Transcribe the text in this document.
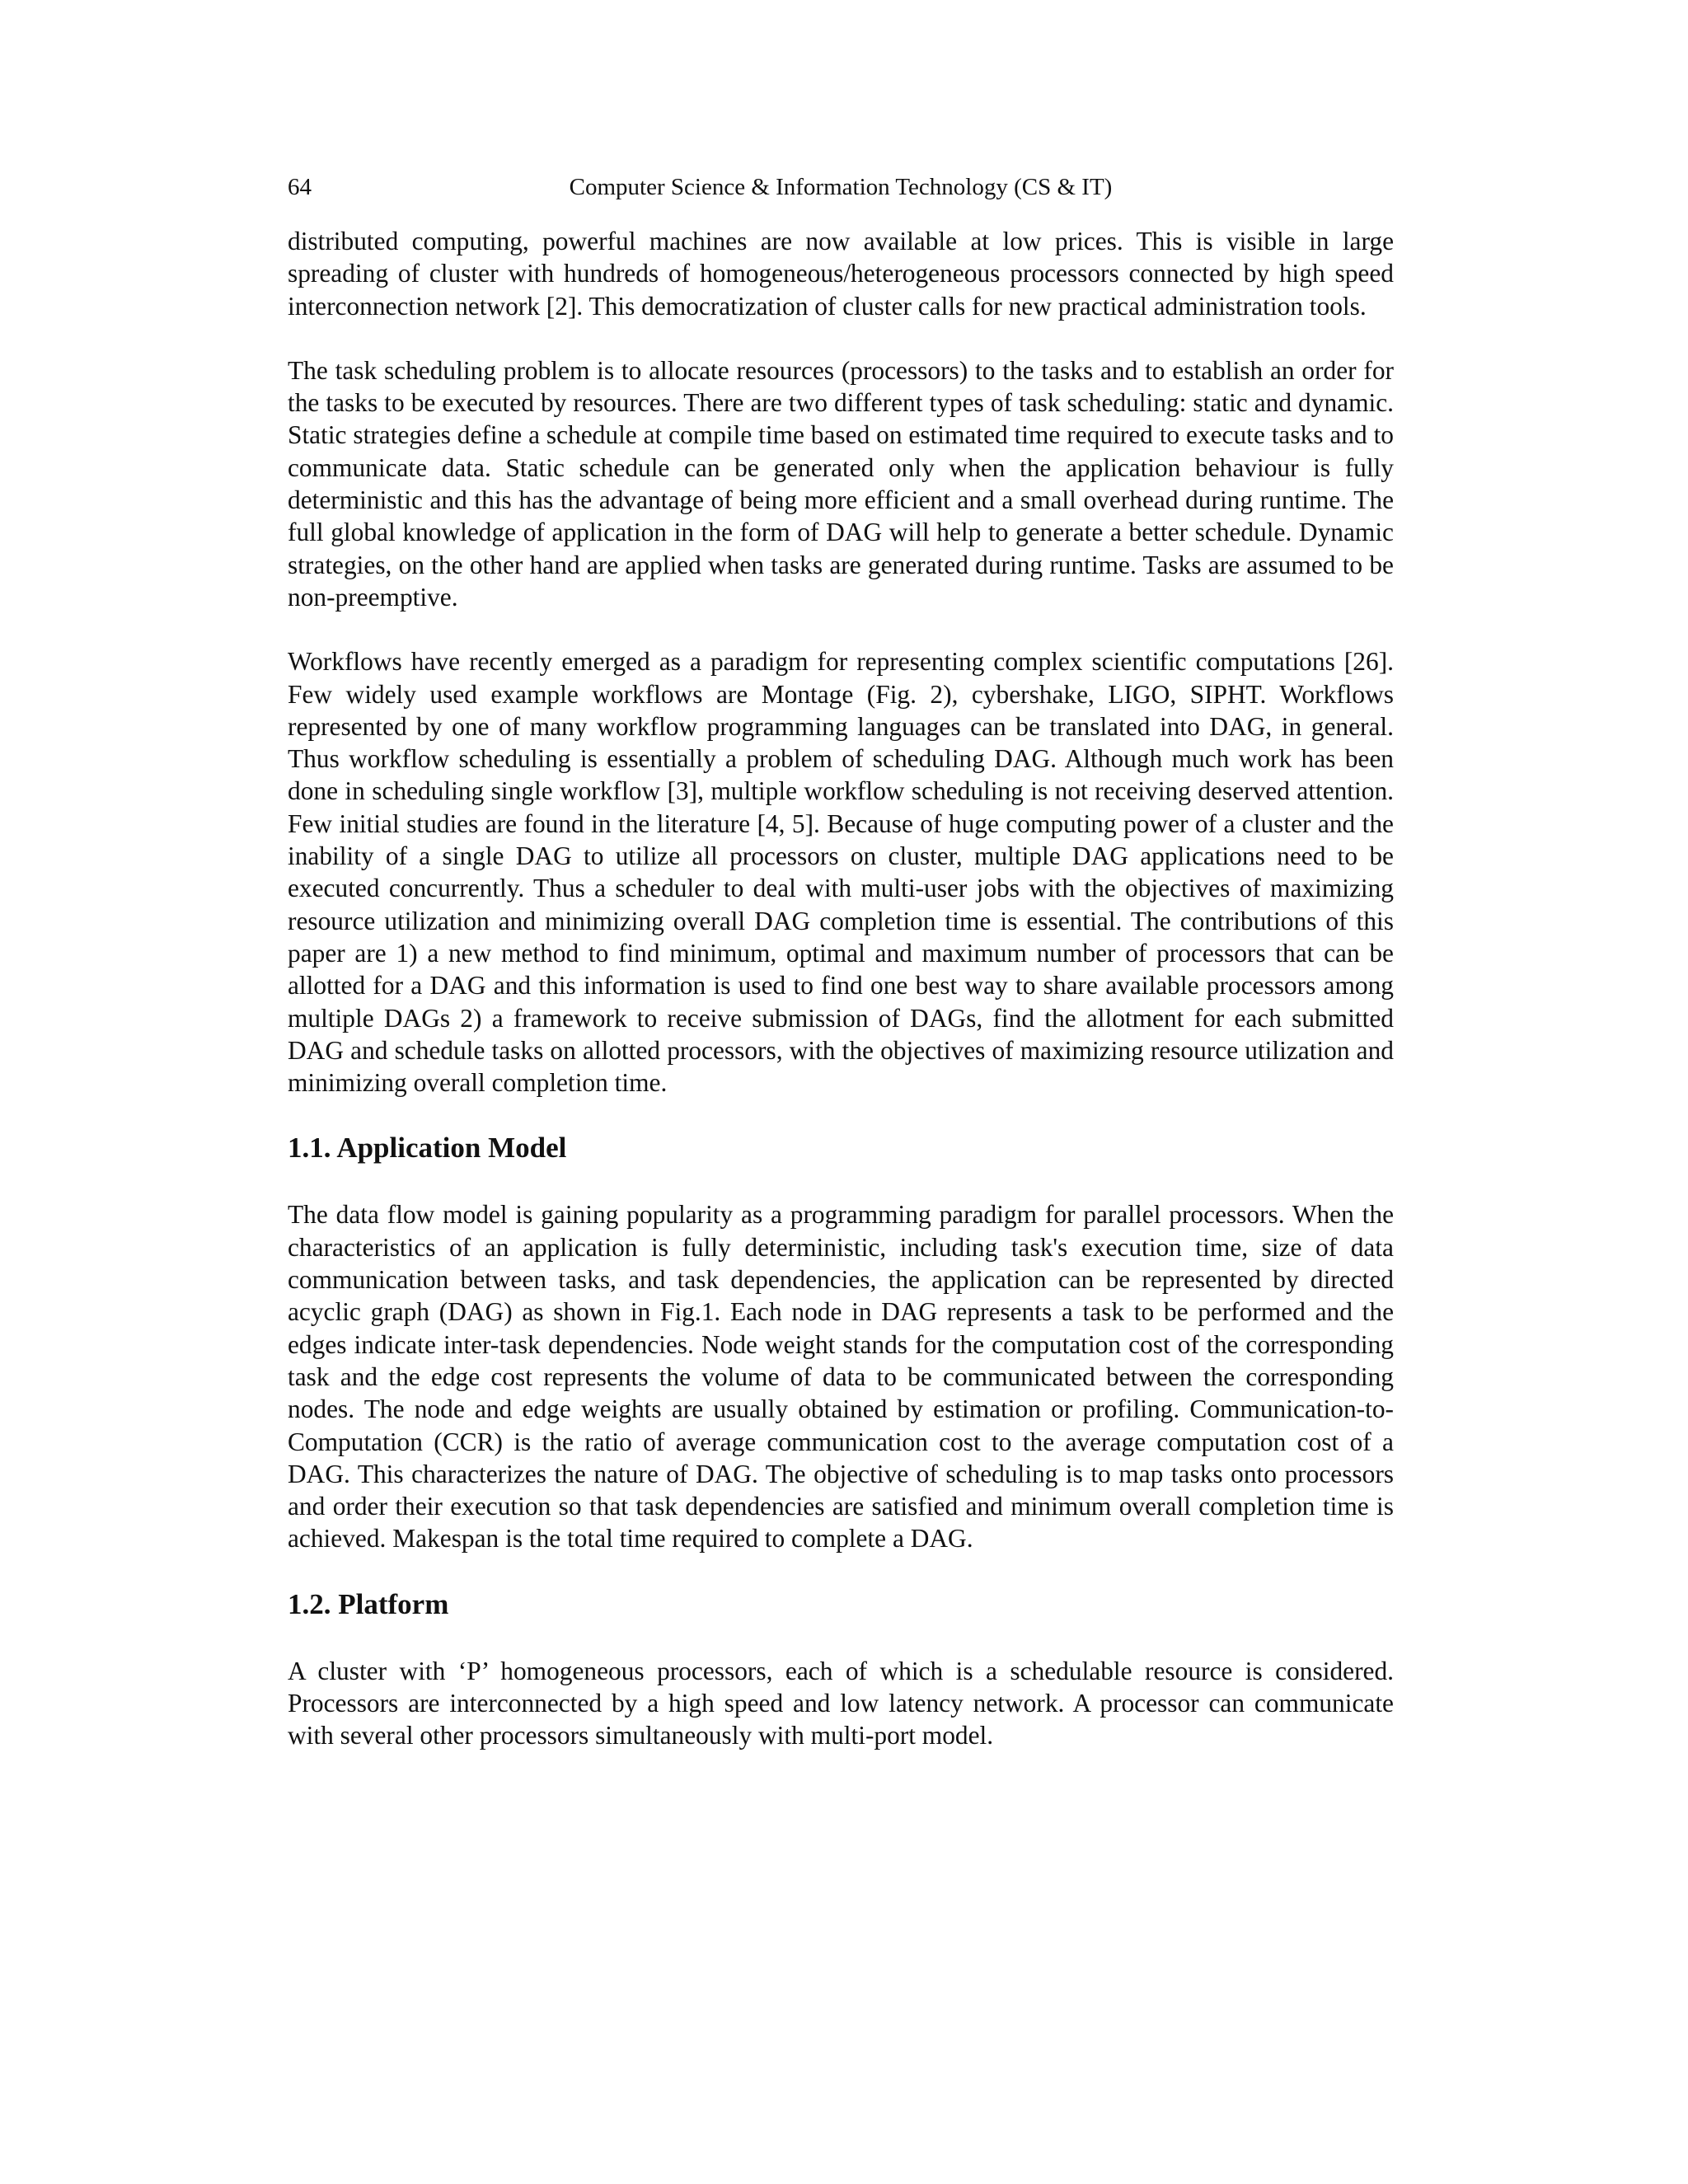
64	Computer Science & Information Technology (CS & IT)

distributed computing, powerful machines are now available at low prices. This is visible in large spreading of cluster with hundreds of homogeneous/heterogeneous processors connected by high speed interconnection network [2]. This democratization of cluster calls for new practical administration tools.

The task scheduling problem is to allocate resources (processors) to the tasks and to establish an order for the tasks to be executed by resources. There are two different types of task scheduling: static and dynamic. Static strategies define a schedule at compile time based on estimated time required to execute tasks and to communicate data. Static schedule can be generated only when the application behaviour is fully deterministic and this has the advantage of being more efficient and a small overhead during runtime. The full global knowledge of application in the form of DAG will help to generate a better schedule. Dynamic strategies, on the other hand are applied when tasks are generated during runtime. Tasks are assumed to be non-preemptive.

Workflows have recently emerged as a paradigm for representing complex scientific computations [26]. Few widely used example workflows are Montage (Fig. 2), cybershake, LIGO, SIPHT. Workflows represented by one of many workflow programming languages can be translated into DAG, in general. Thus workflow scheduling is essentially a problem of scheduling DAG. Although much work has been done in scheduling single workflow [3], multiple workflow scheduling is not receiving deserved attention. Few initial studies are found in the literature [4, 5]. Because of huge computing power of a cluster and the inability of a single DAG to utilize all processors on cluster, multiple DAG applications need to be executed concurrently. Thus a scheduler to deal with multi-user jobs with the objectives of maximizing resource utilization and minimizing overall DAG completion time is essential. The contributions of this paper are 1) a new method to find minimum, optimal and maximum number of processors that can be allotted for a DAG and this information is used to find one best way to share available processors among multiple DAGs 2) a framework to receive submission of DAGs, find the allotment for each submitted DAG and schedule tasks on allotted processors, with the objectives of maximizing resource utilization and minimizing overall completion time.

1.1. Application Model

The data flow model is gaining popularity as a programming paradigm for parallel processors. When the characteristics of an application is fully deterministic, including task's execution time, size of data communication between tasks, and task dependencies, the application can be represented by directed acyclic graph (DAG) as shown in Fig.1. Each node in DAG represents a task to be performed and the edges indicate inter-task dependencies. Node weight stands for the computation cost of the corresponding task and the edge cost represents the volume of data to be communicated between the corresponding nodes. The node and edge weights are usually obtained by estimation or profiling. Communication-to-Computation (CCR) is the ratio of average communication cost to the average computation cost of a DAG. This characterizes the nature of DAG. The objective of scheduling is to map tasks onto processors and order their execution so that task dependencies are satisfied and minimum overall completion time is achieved. Makespan is the total time required to complete a DAG.

1.2. Platform

A cluster with ‘P’ homogeneous processors, each of which is a schedulable resource is considered. Processors are interconnected by a high speed and low latency network. A processor can communicate with several other processors simultaneously with multi-port model.
